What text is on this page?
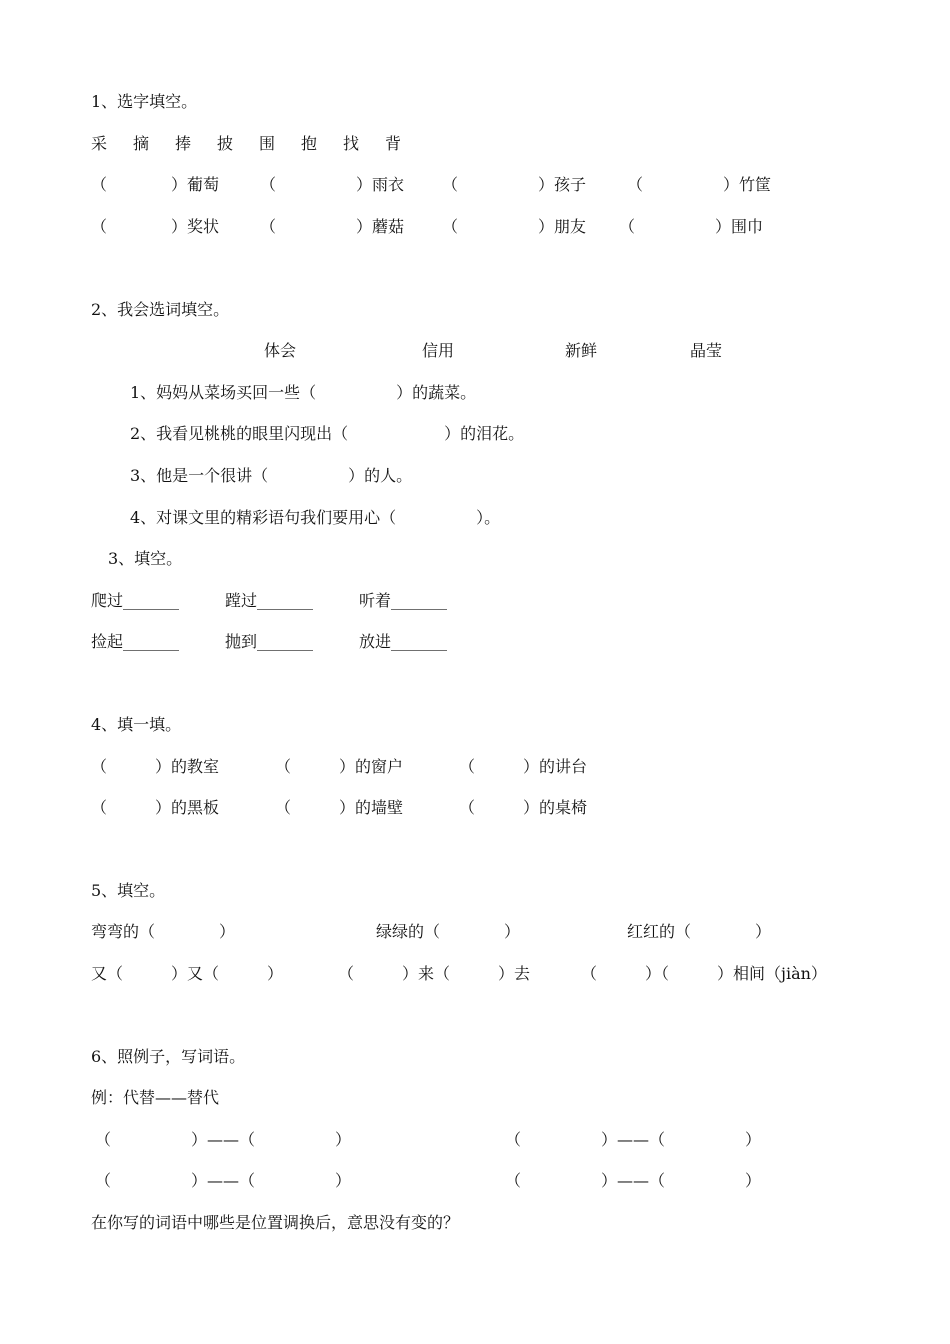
1、选字填空。
采 摘 捧 披 围 抱 找 背
（　　　　）葡萄	（　　　　　）雨衣 （　　　　　）孩子	（　　　　　）竹筐
（　　　　）奖状	（　　　　　）蘑菇 （　　　　　）朋友 （　　　　　）围巾
2、我会选词填空。
体会	信用	新鲜	晶莹
1、妈妈从菜场买回一些（　　　　　）的蔬菜。
2、我看见桃桃的眼里闪现出（　　　　　　）的泪花。
3、他是一个很讲（　　　　　）的人。
4、对课文里的精彩语句我们要用心（　　　　　）。
3、填空。
爬过_______	蹚过_______	听着_______
捡起_______	抛到_______	放进_______
4、填一填。
（　　　）的教室	（　　　）的窗户	（　　　）的讲台
（　　　）的黑板	（　　　）的墙壁	（　　　）的桌椅
5、填空。
弯弯的（　　　　）	绿绿的（　　　　）	红红的（　　　　）
又（　　　）又（　　　）	（　　　）来（　　　）去	（　　　）（　　　）相间（jiàn）
6、照例子，写词语。
例：代替——替代
（　　　　　）——（　　　　　）	（　　　　　）——（　　　　　）
（　　　　　）——（　　　　　）	（　　　　　）——（　　　　　）
在你写的词语中哪些是位置调换后，意思没有变的？
